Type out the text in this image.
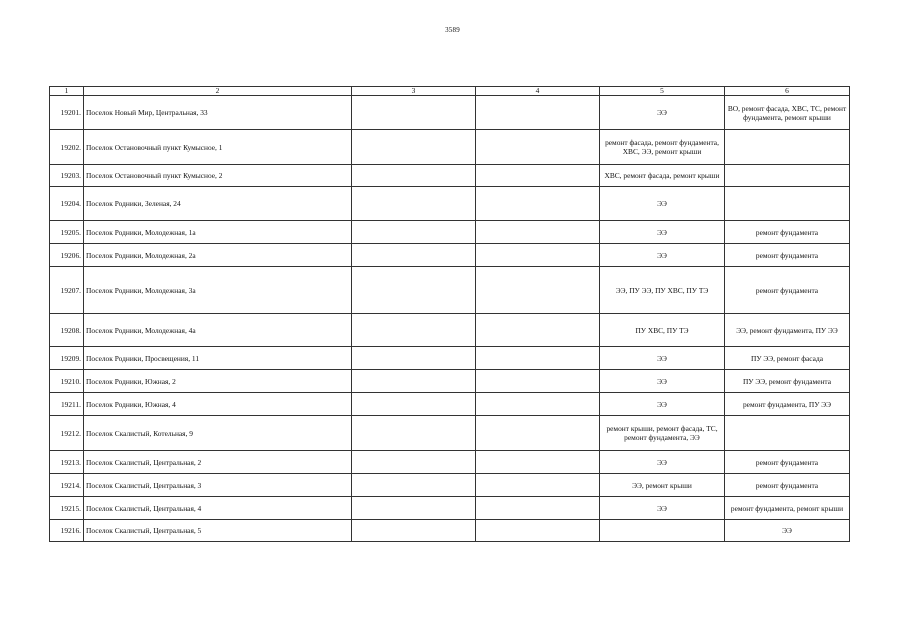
3589
1	2	3	4	5	6
19201.	Поселок Новый Мир, Центральная, 33			ЭЭ	ВО, ремонт фасада, ХВС, ТС, ремонт фундамента, ремонт крыши
19202.	Поселок Остановочный пункт Кумысное, 1			ремонт фасада, ремонт фундамента, ХВС, ЭЭ, ремонт крыши	
19203.	Поселок Остановочный пункт Кумысное, 2			ХВС, ремонт фасада, ремонт крыши	
19204.	Поселок Родники, Зеленая, 24			ЭЭ	
19205.	Поселок Родники, Молодежная, 1а			ЭЭ	ремонт фундамента
19206.	Поселок Родники, Молодежная, 2а			ЭЭ	ремонт фундамента
19207.	Поселок Родники, Молодежная, 3а			ЭЭ, ПУ ЭЭ, ПУ ХВС, ПУ ТЭ	ремонт фундамента
19208.	Поселок Родники, Молодежная, 4а			ПУ ХВС, ПУ ТЭ	ЭЭ, ремонт фундамента, ПУ ЭЭ
19209.	Поселок Родники, Просвещения, 11			ЭЭ	ПУ ЭЭ, ремонт фасада
19210.	Поселок Родники, Южная, 2			ЭЭ	ПУ ЭЭ, ремонт фундамента
19211.	Поселок Родники, Южная, 4			ЭЭ	ремонт фундамента, ПУ ЭЭ
19212.	Поселок Скалистый, Котельная, 9			ремонт крыши, ремонт фасада, ТС, ремонт фундамента, ЭЭ	
19213.	Поселок Скалистый, Центральная, 2			ЭЭ	ремонт фундамента
19214.	Поселок Скалистый, Центральная, 3			ЭЭ, ремонт крыши	ремонт фундамента
19215.	Поселок Скалистый, Центральная, 4			ЭЭ	ремонт фундамента, ремонт крыши
19216.	Поселок Скалистый, Центральная, 5				ЭЭ
